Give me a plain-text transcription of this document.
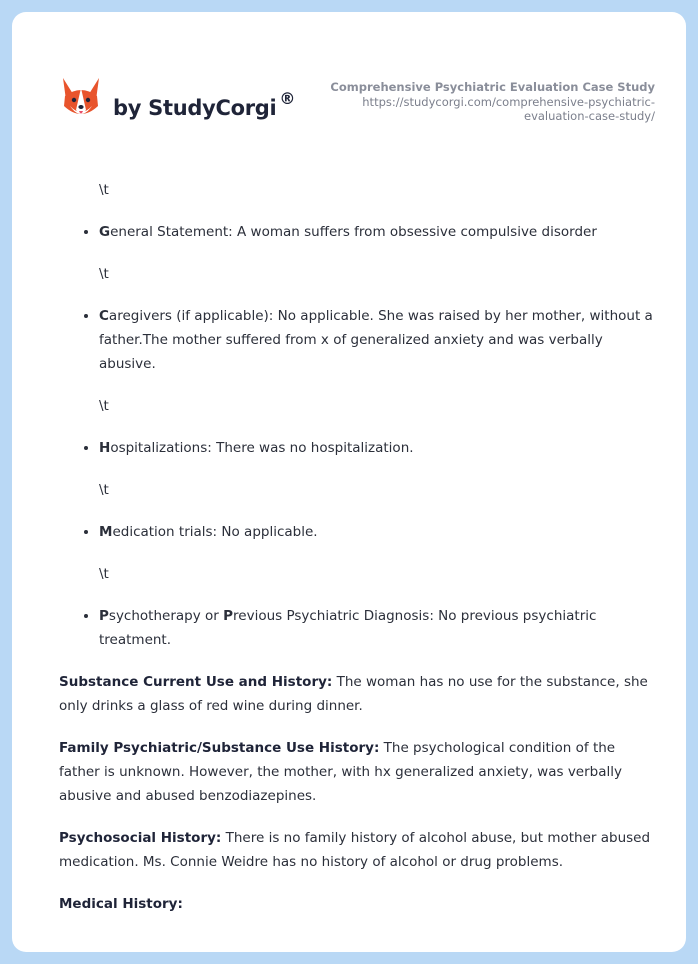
by StudyCorgi ®
Comprehensive Psychiatric Evaluation Case Study
https://studycorgi.com/comprehensive-psychiatric-
evaluation-case-study/
\t
• General Statement: A woman suffers from obsessive compulsive disorder
\t
• Caregivers (if applicable): No applicable. She was raised by her mother, without a father.The mother suffered from x of generalized anxiety and was verbally abusive.
\t
• Hospitalizations: There was no hospitalization.
\t
• Medication trials: No applicable.
\t
• Psychotherapy or Previous Psychiatric Diagnosis: No previous psychiatric treatment.

Substance Current Use and History: The woman has no use for the substance, she only drinks a glass of red wine during dinner.

Family Psychiatric/Substance Use History: The psychological condition of the father is unknown. However, the mother, with hx generalized anxiety, was verbally abusive and abused benzodiazepines.

Psychosocial History: There is no family history of alcohol abuse, but mother abused medication. Ms. Connie Weidre has no history of alcohol or drug problems.

Medical History:
